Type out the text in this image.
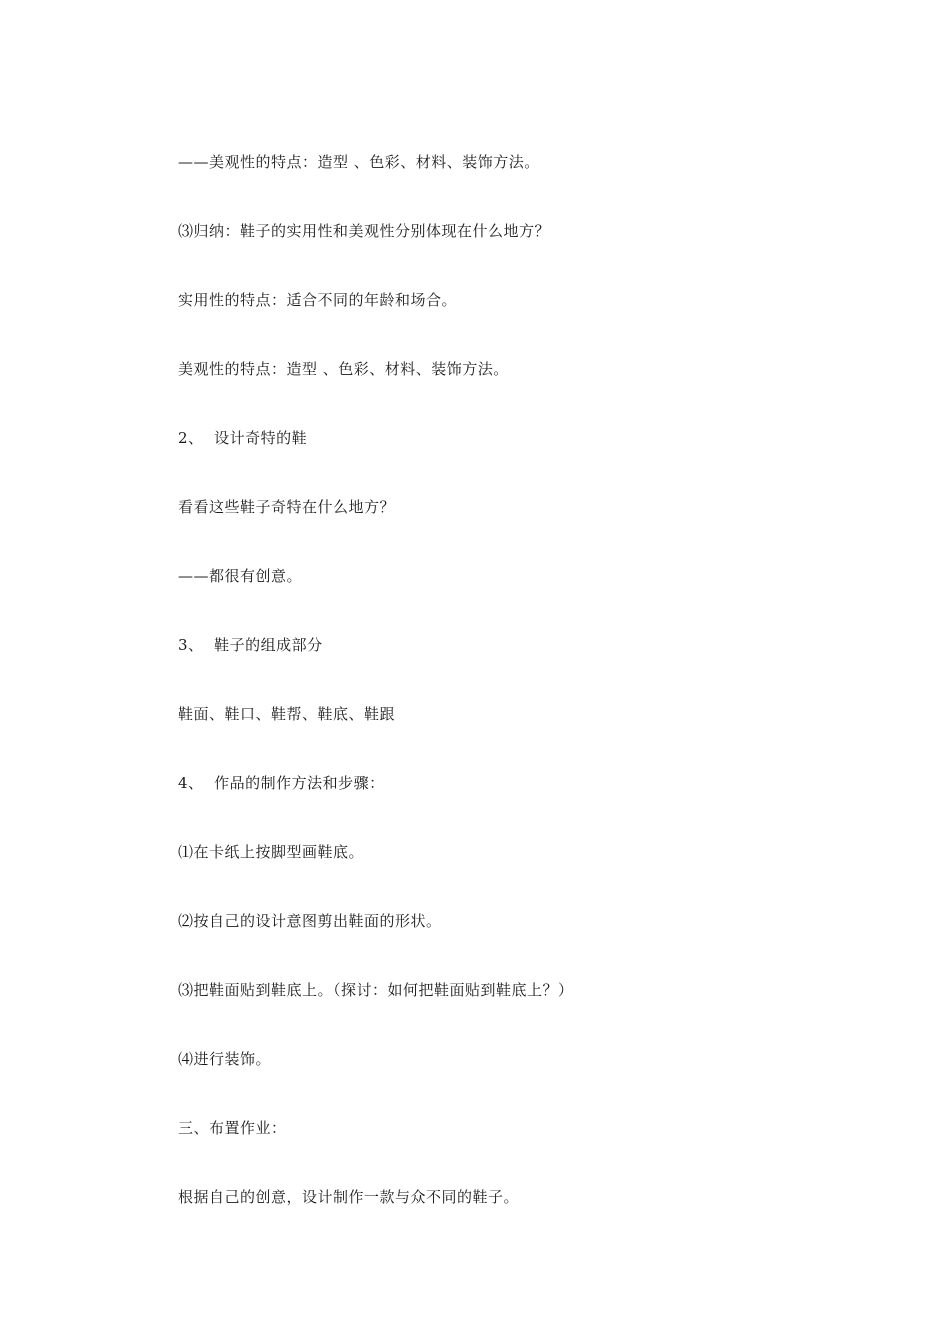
——美观性的特点：造型 、色彩、材料、装饰方法。
⑶归纳：鞋子的实用性和美观性分别体现在什么地方？
实用性的特点：适合不同的年龄和场合。
美观性的特点：造型 、色彩、材料、装饰方法。
2、  设计奇特的鞋
看看这些鞋子奇特在什么地方？
——都很有创意。
3、  鞋子的组成部分
鞋面、鞋口、鞋帮、鞋底、鞋跟
4、  作品的制作方法和步骤：
⑴在卡纸上按脚型画鞋底。
⑵按自己的设计意图剪出鞋面的形状。
⑶把鞋面贴到鞋底上。（探讨：如何把鞋面贴到鞋底上？）
⑷进行装饰。
三、布置作业：
根据自己的创意，设计制作一款与众不同的鞋子。
